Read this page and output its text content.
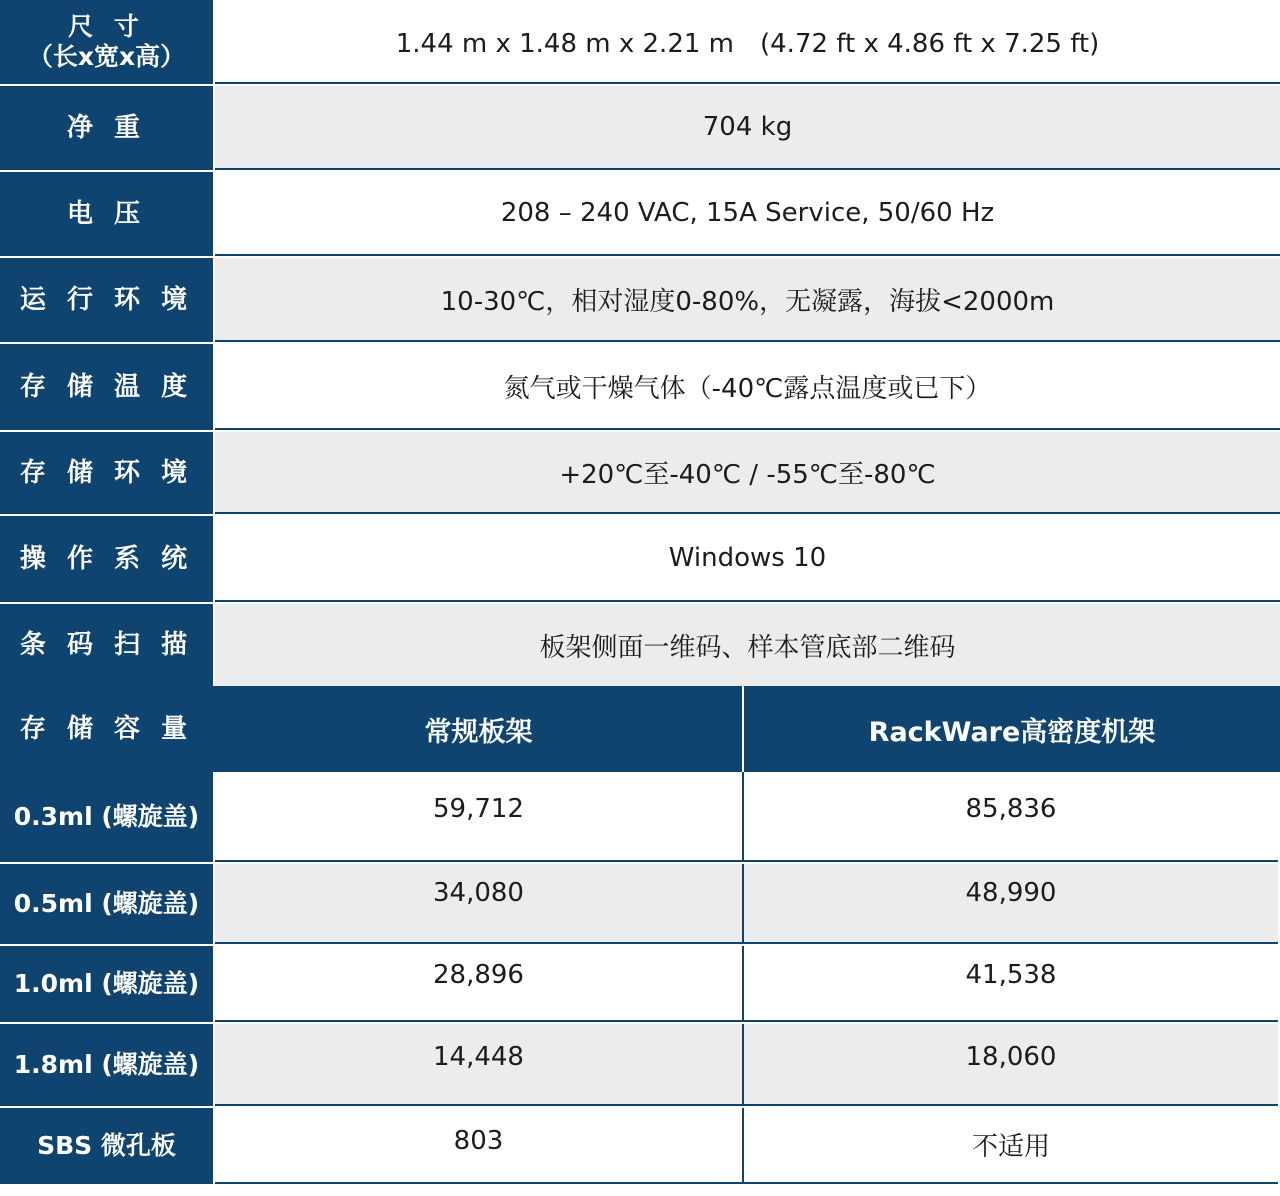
尺 寸
（长x宽x高）	1.44 m x 1.48 m x 2.21 m　(4.72 ft x 4.86 ft x 7.25 ft)
净 重	704 kg
电 压	208 – 240 VAC, 15A Service, 50/60 Hz
运 行 环 境	10-30℃，相对湿度0-80%，无凝露，海拔<2000m
存 储 温 度	氮气或干燥气体（-40℃露点温度或已下）
存 储 环 境	+20℃至-40℃ / -55℃至-80℃
操 作 系 统	Windows 10
条 码 扫 描	板架侧面一维码、样本管底部二维码
存 储 容 量	常规板架	RackWare高密度机架
0.3ml (螺旋盖)	59,712	85,836
0.5ml (螺旋盖)	34,080	48,990
1.0ml (螺旋盖)	28,896	41,538
1.8ml (螺旋盖)	14,448	18,060
SBS 微孔板	803	不适用
